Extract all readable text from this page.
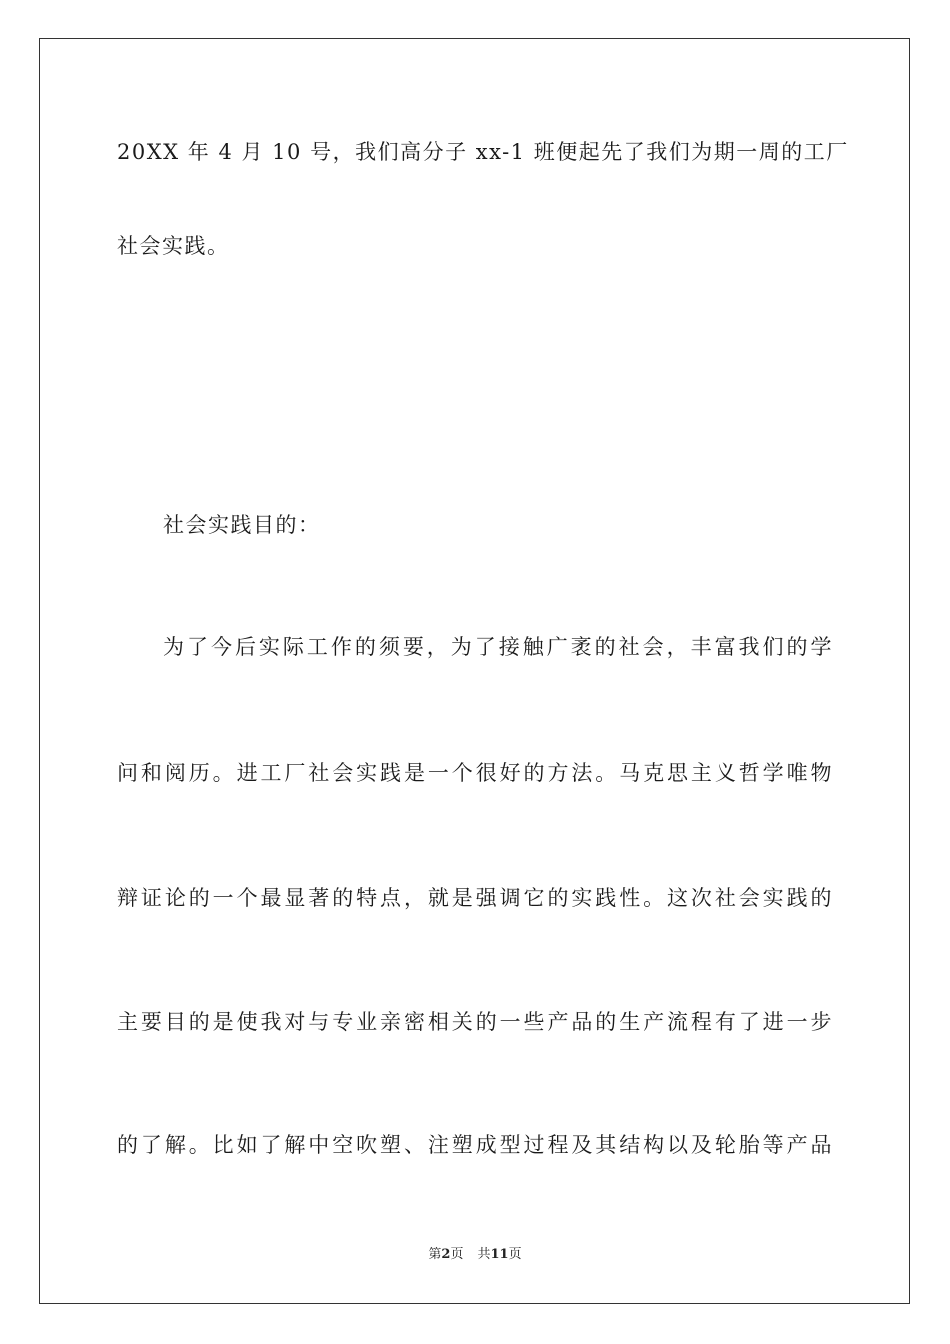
20XX 年 4 月 10 号，我们高分子 xx-1 班便起先了我们为期一周的工厂
社会实践。
社会实践目的：
为了今后实际工作的须要，为了接触广袤的社会，丰富我们的学
问和阅历。进工厂社会实践是一个很好的方法。马克思主义哲学唯物
辩证论的一个最显著的特点，就是强调它的实践性。这次社会实践的
主要目的是使我对与专业亲密相关的一些产品的生产流程有了进一步
的了解。比如了解中空吹塑、注塑成型过程及其结构以及轮胎等产品
第2页 共11页
